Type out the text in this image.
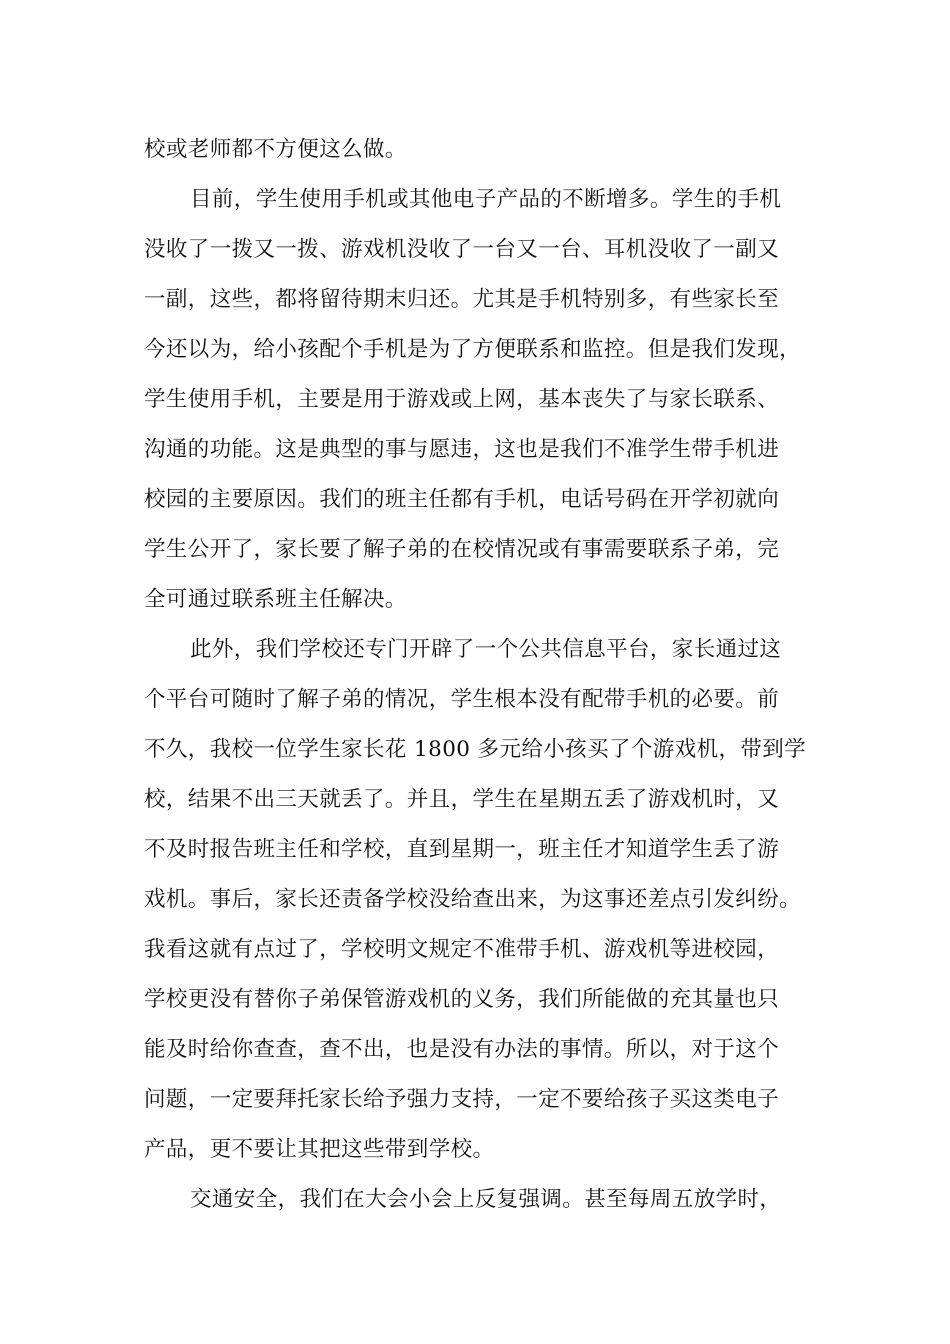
校或老师都不方便这么做。
目前，学生使用手机或其他电子产品的不断增多。学生的手机
没收了一拨又一拨、游戏机没收了一台又一台、耳机没收了一副又
一副，这些，都将留待期末归还。尤其是手机特别多，有些家长至
今还以为，给小孩配个手机是为了方便联系和监控。但是我们发现，
学生使用手机，主要是用于游戏或上网，基本丧失了与家长联系、
沟通的功能。这是典型的事与愿违，这也是我们不准学生带手机进
校园的主要原因。我们的班主任都有手机，电话号码在开学初就向
学生公开了，家长要了解子弟的在校情况或有事需要联系子弟，完
全可通过联系班主任解决。
此外，我们学校还专门开辟了一个公共信息平台，家长通过这
个平台可随时了解子弟的情况，学生根本没有配带手机的必要。前
不久，我校一位学生家长花 1800 多元给小孩买了个游戏机，带到学
校，结果不出三天就丢了。并且，学生在星期五丢了游戏机时，又
不及时报告班主任和学校，直到星期一，班主任才知道学生丢了游
戏机。事后，家长还责备学校没给查出来，为这事还差点引发纠纷。
我看这就有点过了，学校明文规定不准带手机、游戏机等进校园，
学校更没有替你子弟保管游戏机的义务，我们所能做的充其量也只
能及时给你查查，查不出，也是没有办法的事情。所以，对于这个
问题，一定要拜托家长给予强力支持，一定不要给孩子买这类电子
产品，更不要让其把这些带到学校。
交通安全，我们在大会小会上反复强调。甚至每周五放学时，
